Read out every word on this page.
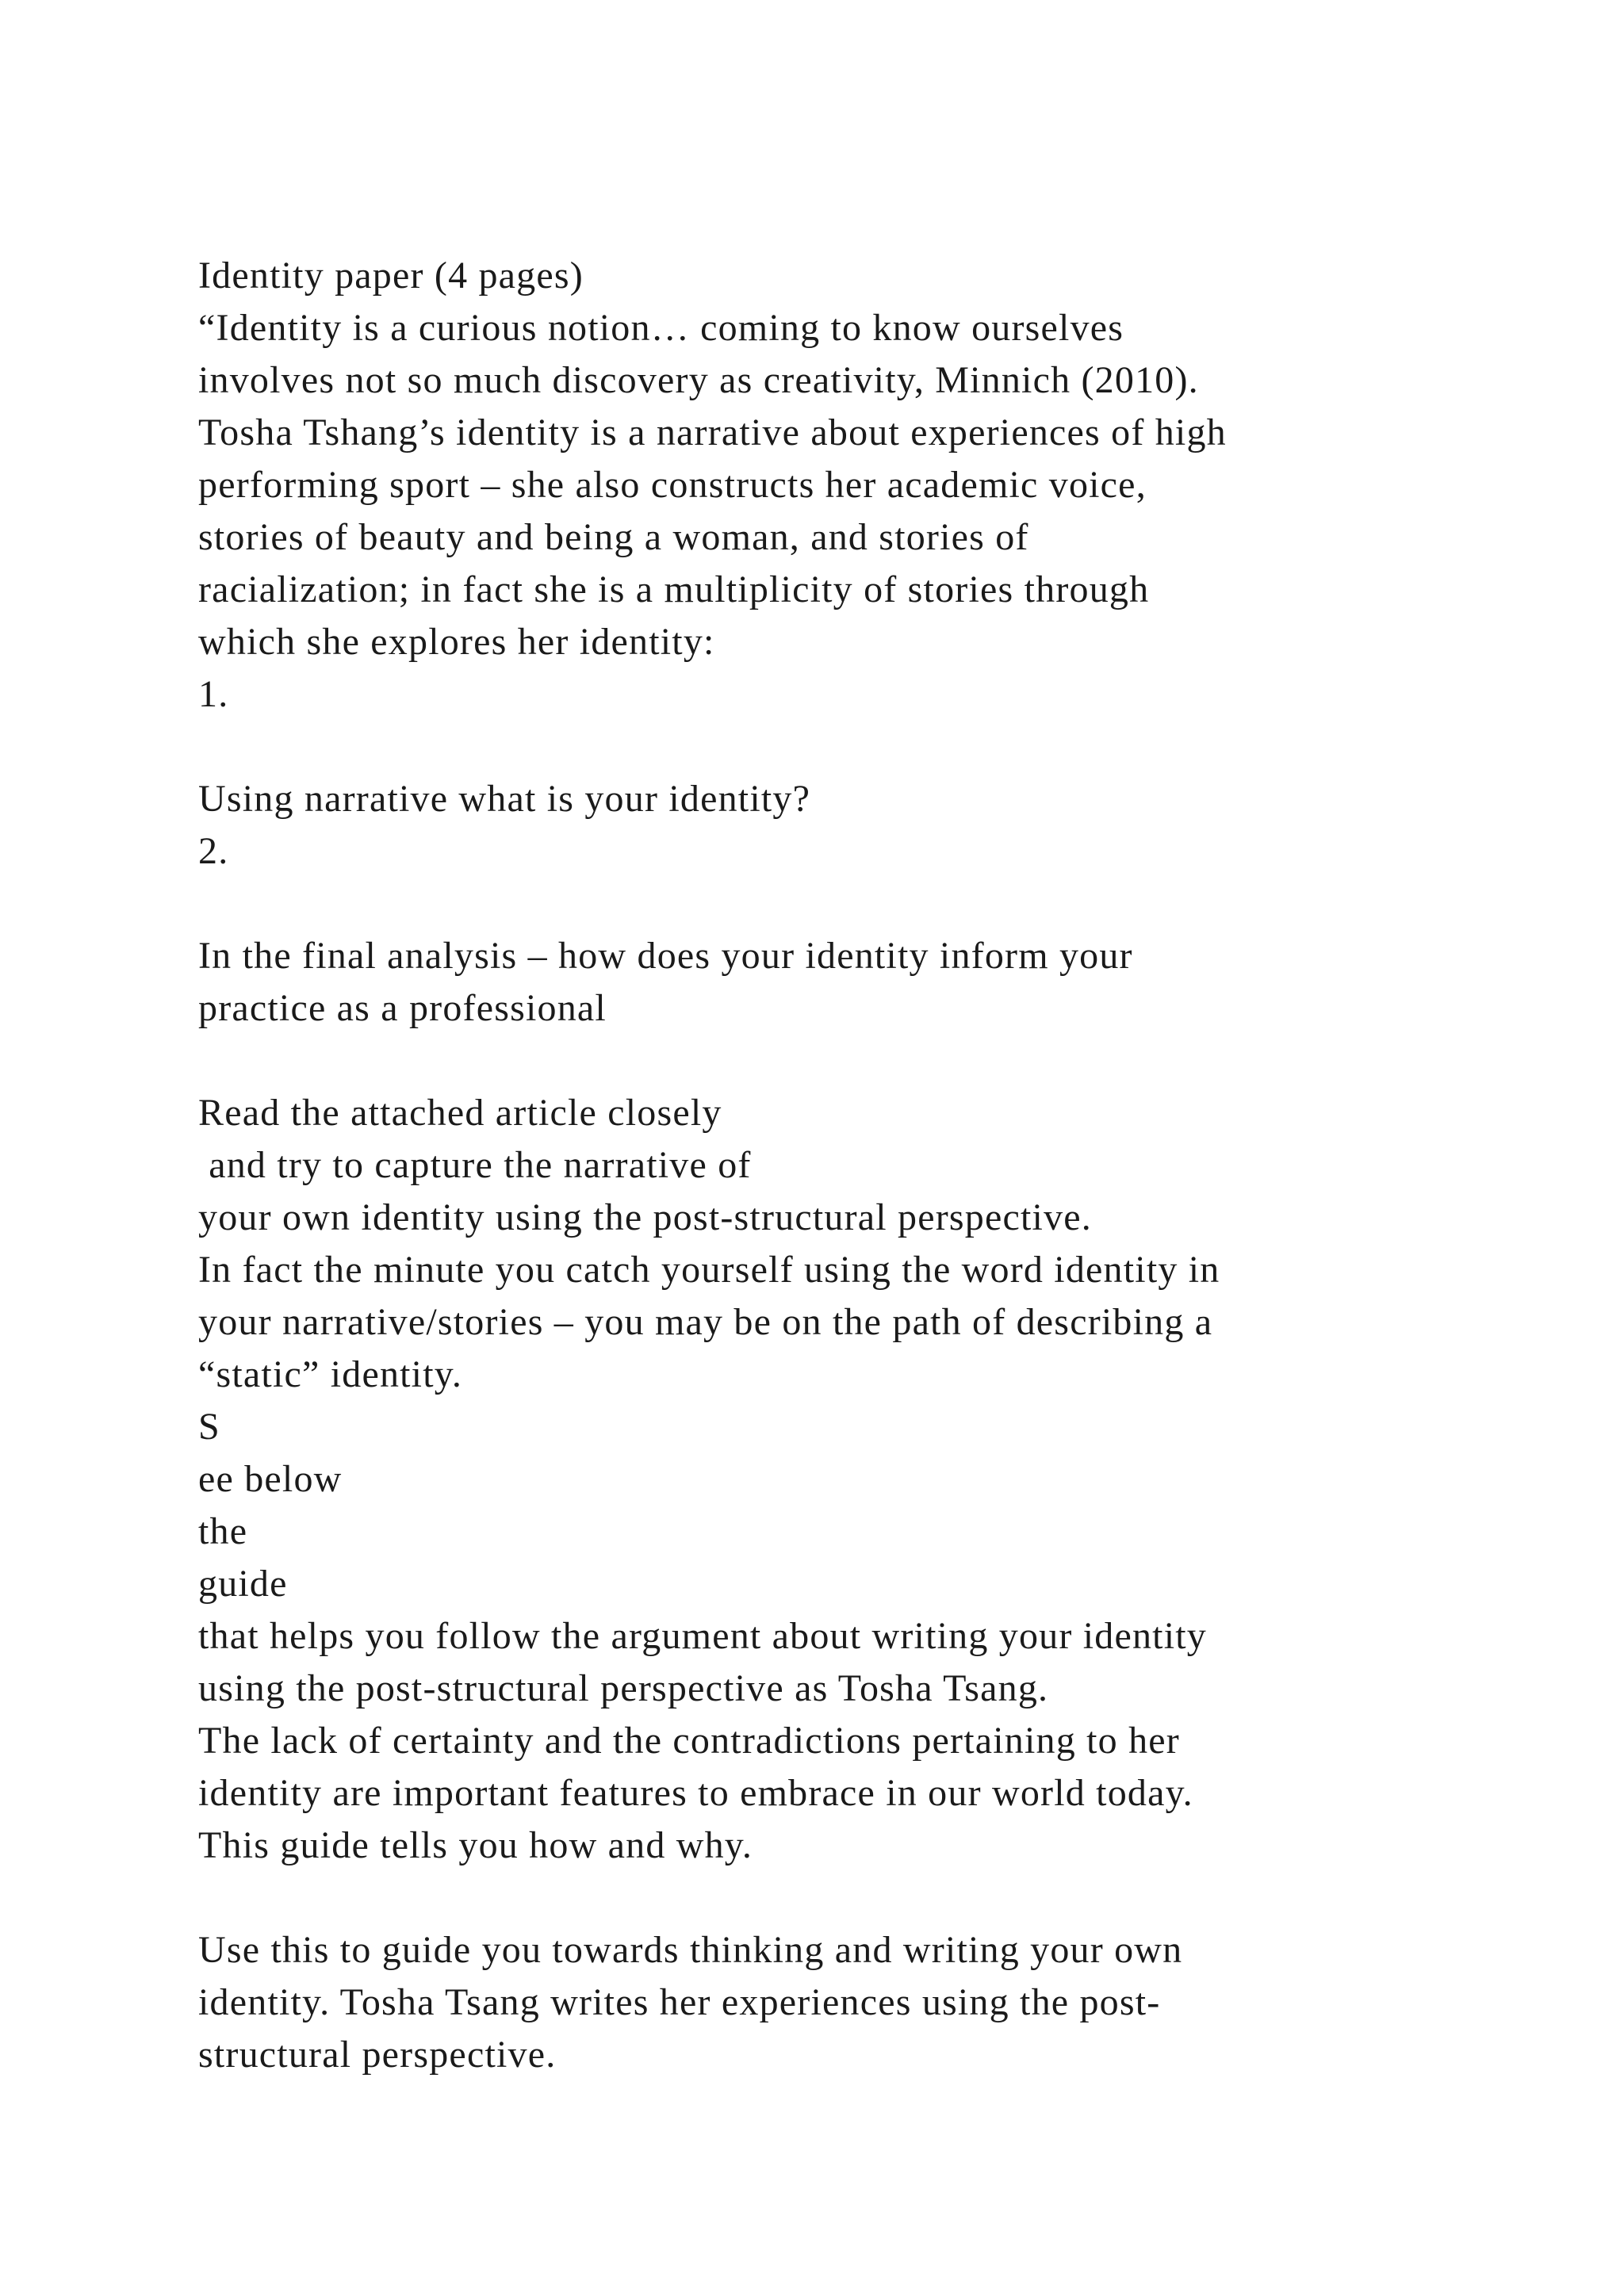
Identity paper (4 pages)
“Identity is a curious notion… coming to know ourselves
involves not so much discovery as creativity, Minnich (2010).
Tosha Tshang’s identity is a narrative about experiences of high
performing sport – she also constructs her academic voice,
stories of beauty and being a woman, and stories of
racialization; in fact she is a multiplicity of stories through
which she explores her identity:
1.
Using narrative what is your identity?
2.
In the final analysis – how does your identity inform your
practice as a professional
Read the attached article closely
and try to capture the narrative of
your own identity using the post-structural perspective.
In fact the minute you catch yourself using the word identity in
your narrative/stories – you may be on the path of describing a
“static” identity.
S
ee below
the
guide
that helps you follow the argument about writing your identity
using the post-structural perspective as Tosha Tsang.
The lack of certainty and the contradictions pertaining to her
identity are important features to embrace in our world today.
This guide tells you how and why.
Use this to guide you towards thinking and writing your own
identity. Tosha Tsang writes her experiences using the post-
structural perspective.
